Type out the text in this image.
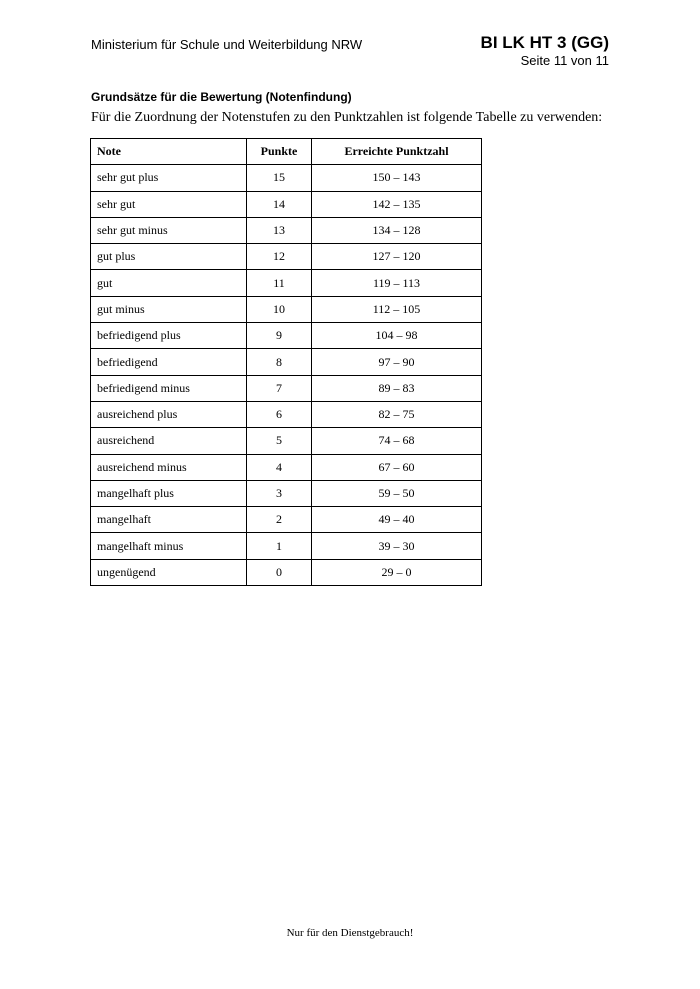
Ministerium für Schule und Weiterbildung NRW	BI LK HT 3 (GG)
Seite 11 von 11
Grundsätze für die Bewertung (Notenfindung)
Für die Zuordnung der Notenstufen zu den Punktzahlen ist folgende Tabelle zu verwenden:
Note	Punkte	Erreichte Punktzahl
sehr gut plus	15	150 – 143
sehr gut	14	142 – 135
sehr gut minus	13	134 – 128
gut plus	12	127 – 120
gut	11	119 – 113
gut minus	10	112 – 105
befriedigend plus	9	104 – 98
befriedigend	8	97 – 90
befriedigend minus	7	89 – 83
ausreichend plus	6	82 – 75
ausreichend	5	74 – 68
ausreichend minus	4	67 – 60
mangelhaft plus	3	59 – 50
mangelhaft	2	49 – 40
mangelhaft minus	1	39 – 30
ungenügend	0	29 – 0
Nur für den Dienstgebrauch!
